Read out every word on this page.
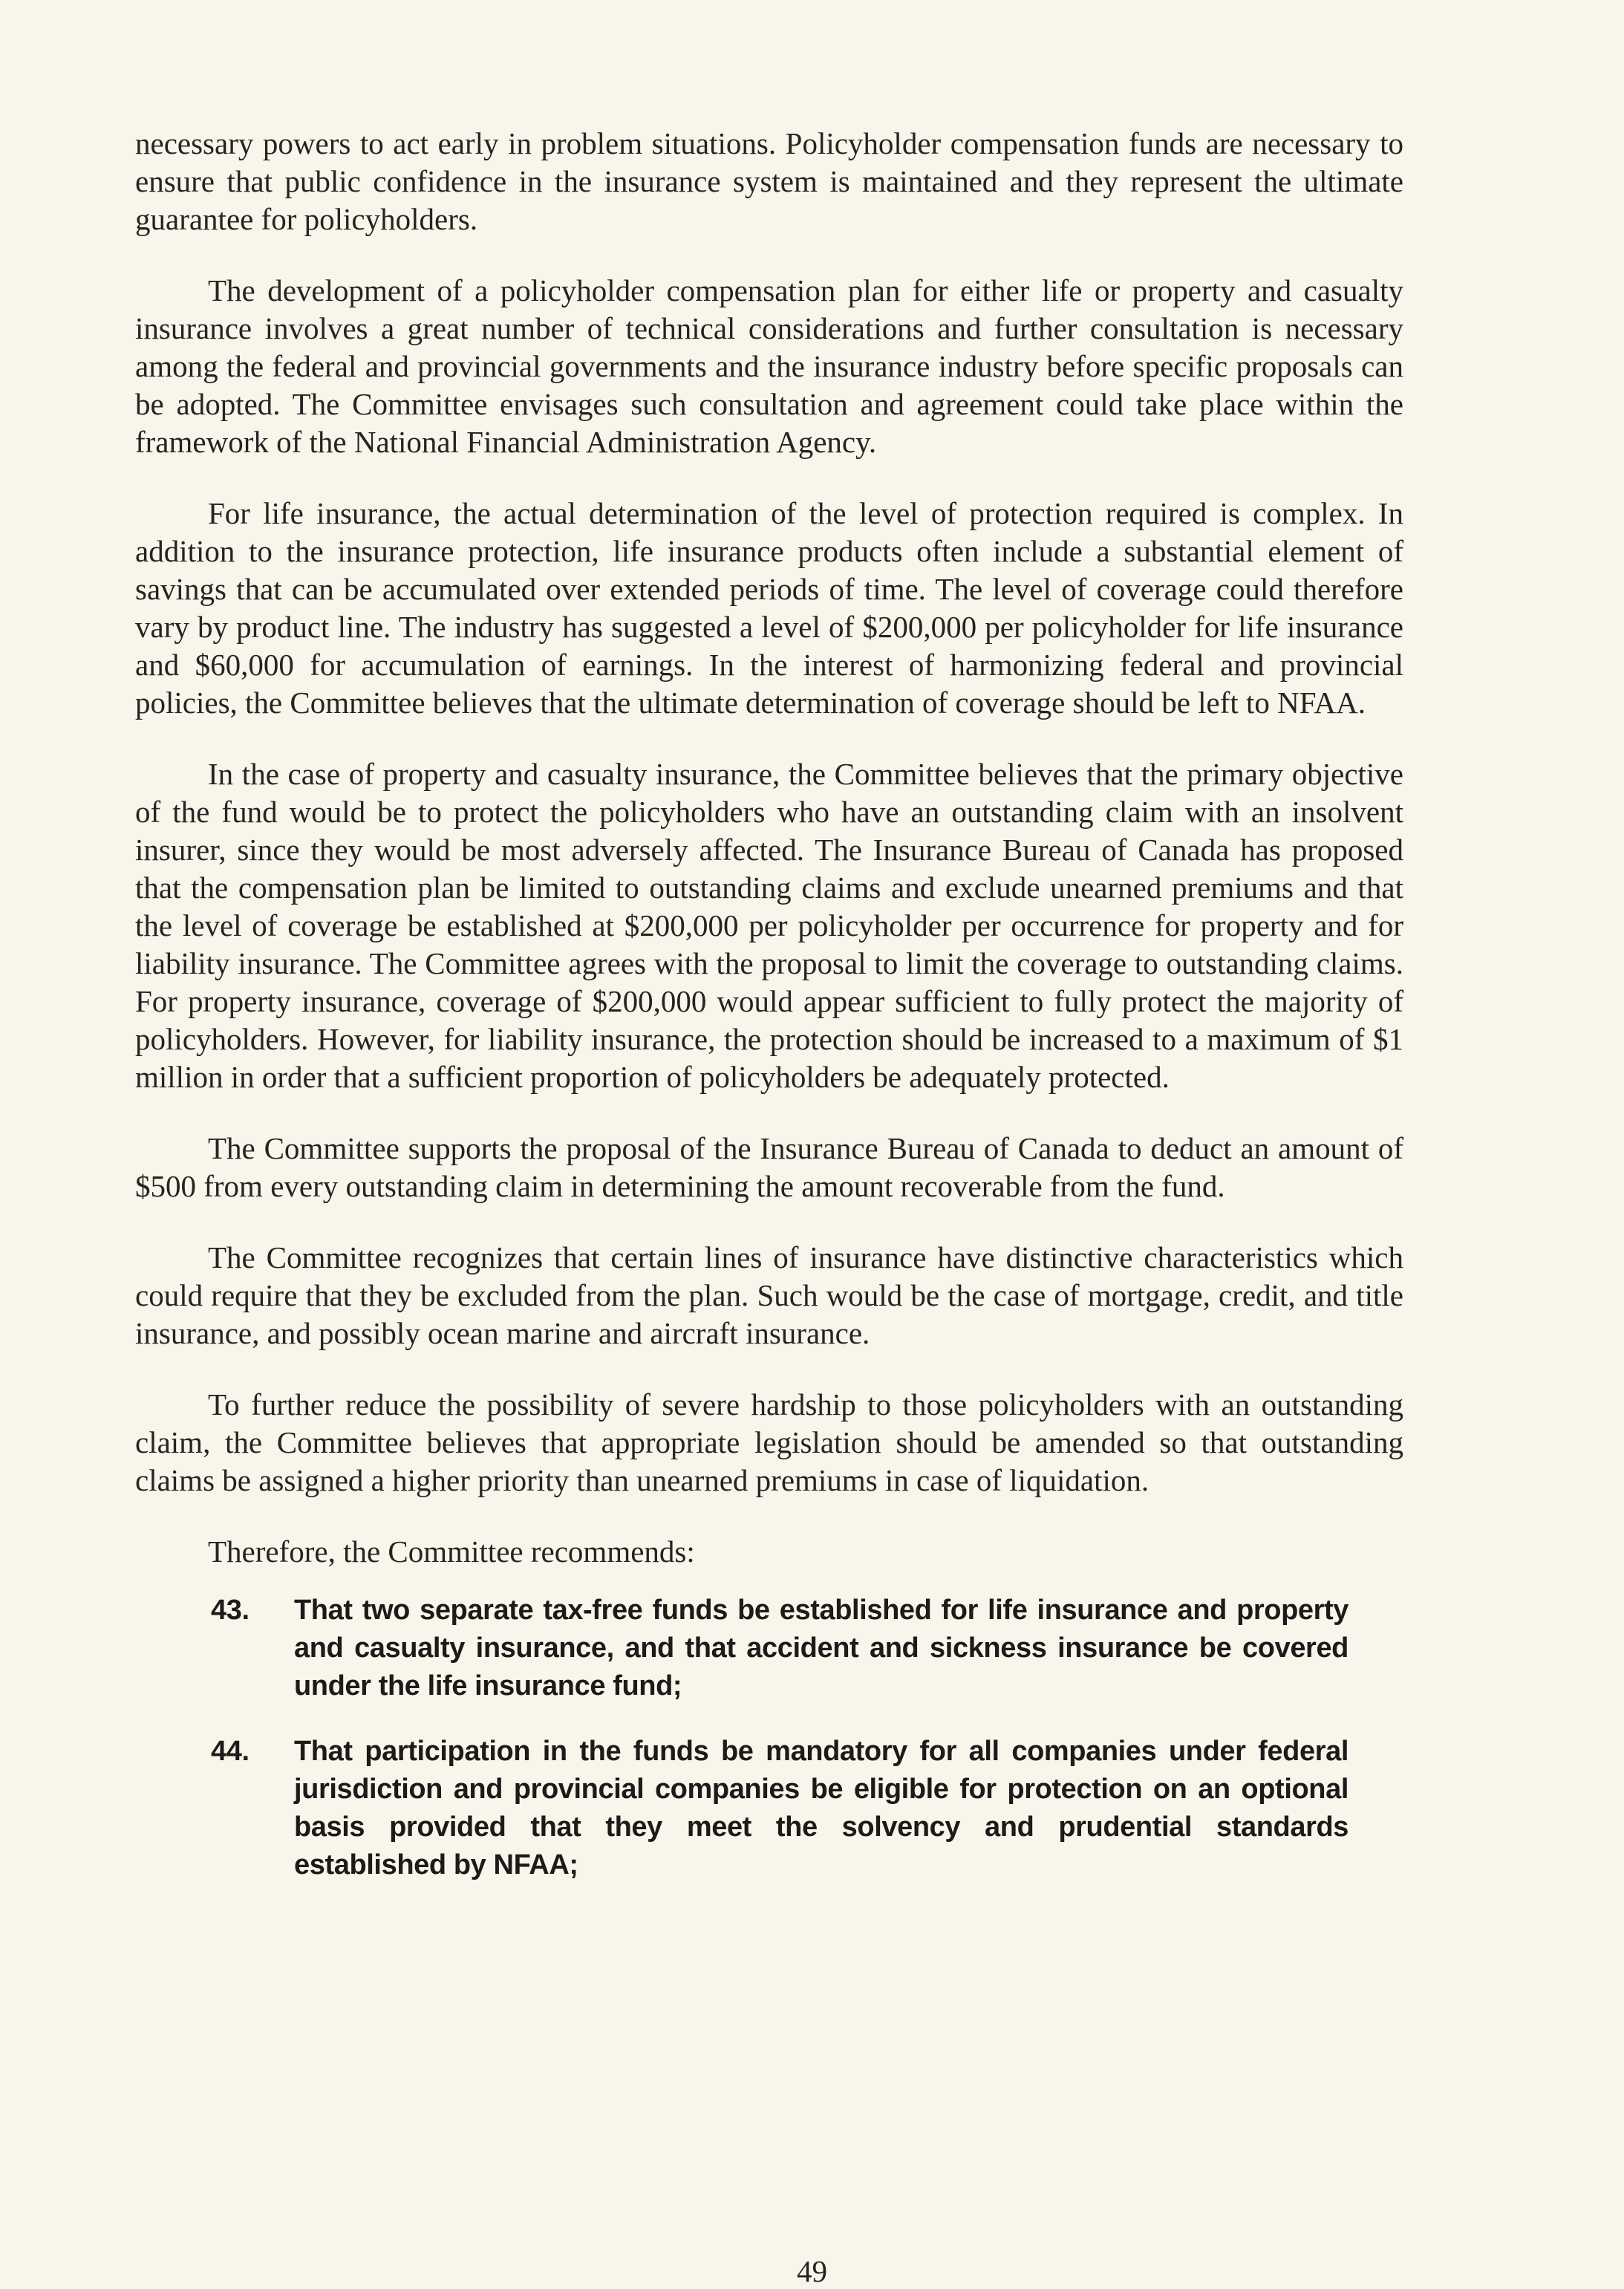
necessary powers to act early in problem situations. Policyholder compensation funds are necessary to ensure that public confidence in the insurance system is maintained and they represent the ultimate guarantee for policyholders.

The development of a policyholder compensation plan for either life or property and casualty insurance involves a great number of technical considerations and further consultation is necessary among the federal and provincial governments and the insurance industry before specific proposals can be adopted. The Committee envisages such consultation and agreement could take place within the framework of the National Financial Administration Agency.

For life insurance, the actual determination of the level of protection required is complex. In addition to the insurance protection, life insurance products often include a substantial element of savings that can be accumulated over extended periods of time. The level of coverage could therefore vary by product line. The industry has suggested a level of $200,000 per policyholder for life insurance and $60,000 for accumulation of earnings. In the interest of harmonizing federal and provincial policies, the Committee believes that the ultimate determination of coverage should be left to NFAA.

In the case of property and casualty insurance, the Committee believes that the primary objective of the fund would be to protect the policyholders who have an outstanding claim with an insolvent insurer, since they would be most adversely affected. The Insurance Bureau of Canada has proposed that the compensation plan be limited to outstanding claims and exclude unearned premiums and that the level of coverage be established at $200,000 per policyholder per occurrence for property and for liability insurance. The Committee agrees with the proposal to limit the coverage to outstanding claims. For property insurance, coverage of $200,000 would appear sufficient to fully protect the majority of policyholders. However, for liability insurance, the protection should be increased to a maximum of $1 million in order that a sufficient proportion of policyholders be adequately protected.

The Committee supports the proposal of the Insurance Bureau of Canada to deduct an amount of $500 from every outstanding claim in determining the amount recoverable from the fund.

The Committee recognizes that certain lines of insurance have distinctive characteristics which could require that they be excluded from the plan. Such would be the case of mortgage, credit, and title insurance, and possibly ocean marine and aircraft insurance.

To further reduce the possibility of severe hardship to those policyholders with an outstanding claim, the Committee believes that appropriate legislation should be amended so that outstanding claims be assigned a higher priority than unearned premiums in case of liquidation.

Therefore, the Committee recommends:

43.	That two separate tax-free funds be established for life insurance and property and casualty insurance, and that accident and sickness insurance be covered under the life insurance fund;
44.	That participation in the funds be mandatory for all companies under federal jurisdiction and provincial companies be eligible for protection on an optional basis provided that they meet the solvency and prudential standards established by NFAA;
49
